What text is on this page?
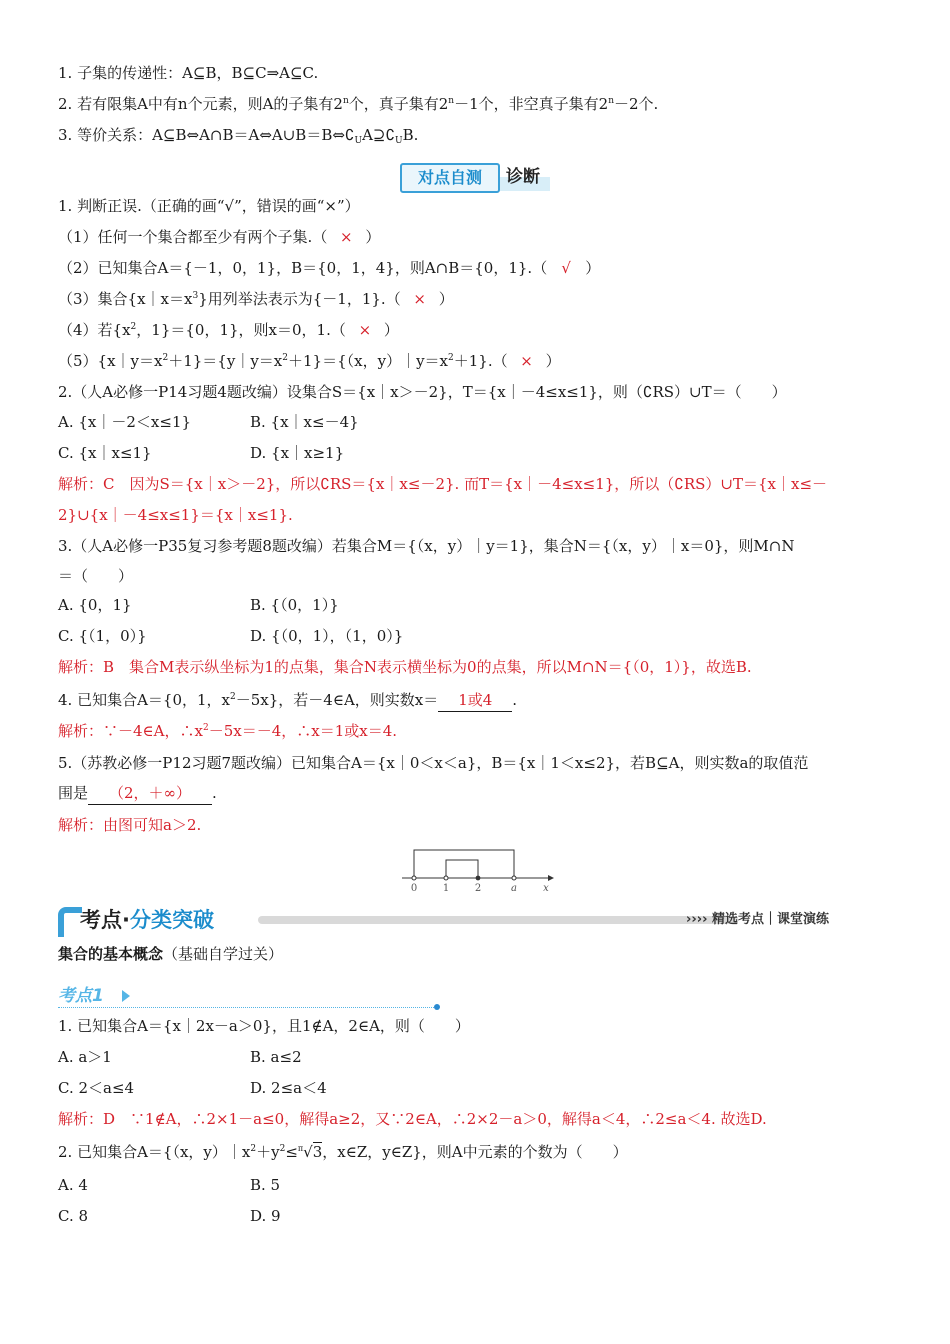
1. 子集的传递性：A⊆B，B⊆C⇒A⊆C.
2. 若有限集A中有n个元素，则A的子集有2$^n$个，真子集有$2^n-1$个，非空真子集有$2^n-2$个.
3. 等价关系：$A⊆B\Leftrightarrow A\cap B=A\Leftrightarrow A\cup B=B\Leftrightarrow∁_UA⊇∁_UB$.
对点自测	诊断
1. 判断正误.（正确的画“√”，错误的画“×”）
（1）任何一个集合都至少有两个子集.（ × ）
（2）已知集合A＝{－1，0，1}，B＝{0，1，4}，则A∩B＝{0，1}.（ √ ）
（3）集合$\{x|x=x^3\}$用列举法表示为{－1，1}.（ × ）
（4）若{$x^2$，1}＝{0，1}，则x＝0，1.（ × ）
$(5)\{x|y=x^2+1\}=\{y|y=x^2+1\}=\{(x$，$y)|y=x^2+1$}.（ × ）
2.（人A必修一P14习题4题改编）设集合S＝{x｜x＞－2}，T＝{x｜－4≤x≤1}，则（∁RS）∪T＝（　　）
A. {x｜－2＜x≤1}	B. {x｜x≤－4}
C. {x｜x≤1}	D. {x｜x≥1}
解析：C　因为S＝{x｜x＞－2}，所以∁RS＝{x｜x≤－2}. 而T＝{x｜－4≤x≤1}，所以（∁RS）∪T＝{x｜x≤－
2}∪{x｜－4≤x≤1}＝{x｜x≤1}.
3.（人A必修一P35复习参考题8题改编）若集合M＝{（x，y）｜y＝1}，集合N＝{（x，y）｜x＝0}，则M∩N
＝（　　）
A. {0，1}	B. {（0，1）}
C. {（1，0）}	D. {（0，1），（1，0）}
解析：B　集合M表示纵坐标为1的点集，集合N表示横坐标为0的点集，所以M∩N＝{（0，1）}，故选B.
4. 已知集合A＝{0，1，$x^2-5x$}，若－4∈A，则实数x＝ 1或4 .
解析：∵－4∈A，$\therefore x^2-5x=-4$，∴x＝1或x＝4.
5.（苏教必修一P12习题7题改编）已知集合A＝{x｜0＜x＜a}，B＝{x｜1＜x≤2}，若B⊆A，则实数a的取值范
围是 （2，＋∞） .
解析：由图可知a＞2.
0	1	2	a	x
考点·分类突破	›››› 精选考点｜课堂演练
集合的基本概念（基础自学过关）
考点1
1. 已知集合A＝{x｜2x－a＞0}，且1∉A，2∈A，则（　　）
A. a＞1	B. a≤2
C. 2＜a≤4	D. 2≤a＜4
解析：D　∵1∉A，∴2×1－a≤0，解得a≥2，又∵2∈A，∴2×2－a＞0，解得a＜4，∴2≤a＜4. 故选D.
2. 已知集合A＝{（x，$y)|x^2+y^2\le^\pi√3$，x∈Z，y∈Z}，则A中元素的个数为（　　）
A. 4	B. 5
C. 8	D. 9
